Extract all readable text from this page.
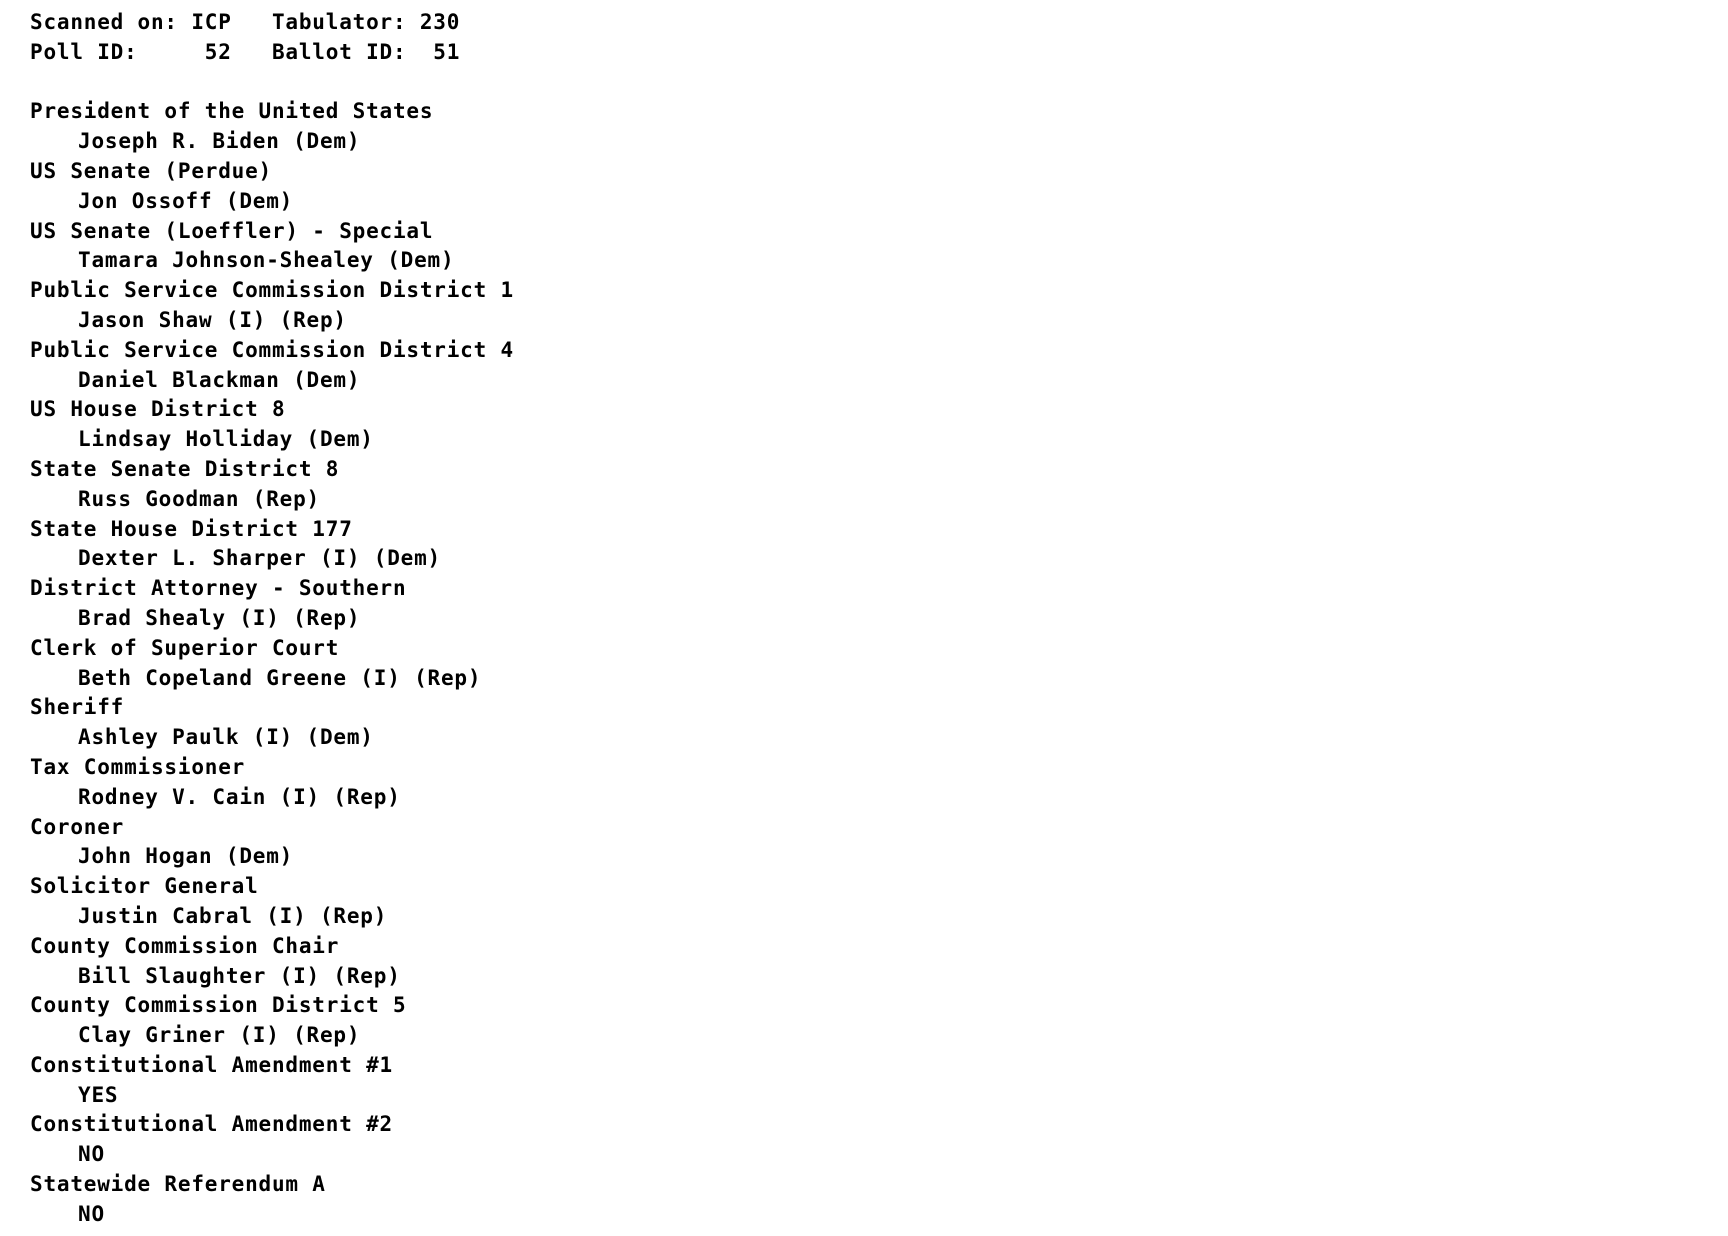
Scanned on: ICP   Tabulator: 230
Poll ID:     52   Ballot ID:  51
President of the United States
Joseph R. Biden (Dem)
US Senate (Perdue)
Jon Ossoff (Dem)
US Senate (Loeffler) - Special
Tamara Johnson-Shealey (Dem)
Public Service Commission District 1
Jason Shaw (I) (Rep)
Public Service Commission District 4
Daniel Blackman (Dem)
US House District 8
Lindsay Holliday (Dem)
State Senate District 8
Russ Goodman (Rep)
State House District 177
Dexter L. Sharper (I) (Dem)
District Attorney - Southern
Brad Shealy (I) (Rep)
Clerk of Superior Court
Beth Copeland Greene (I) (Rep)
Sheriff
Ashley Paulk (I) (Dem)
Tax Commissioner
Rodney V. Cain (I) (Rep)
Coroner
John Hogan (Dem)
Solicitor General
Justin Cabral (I) (Rep)
County Commission Chair
Bill Slaughter (I) (Rep)
County Commission District 5
Clay Griner (I) (Rep)
Constitutional Amendment #1
YES
Constitutional Amendment #2
NO
Statewide Referendum A
NO
